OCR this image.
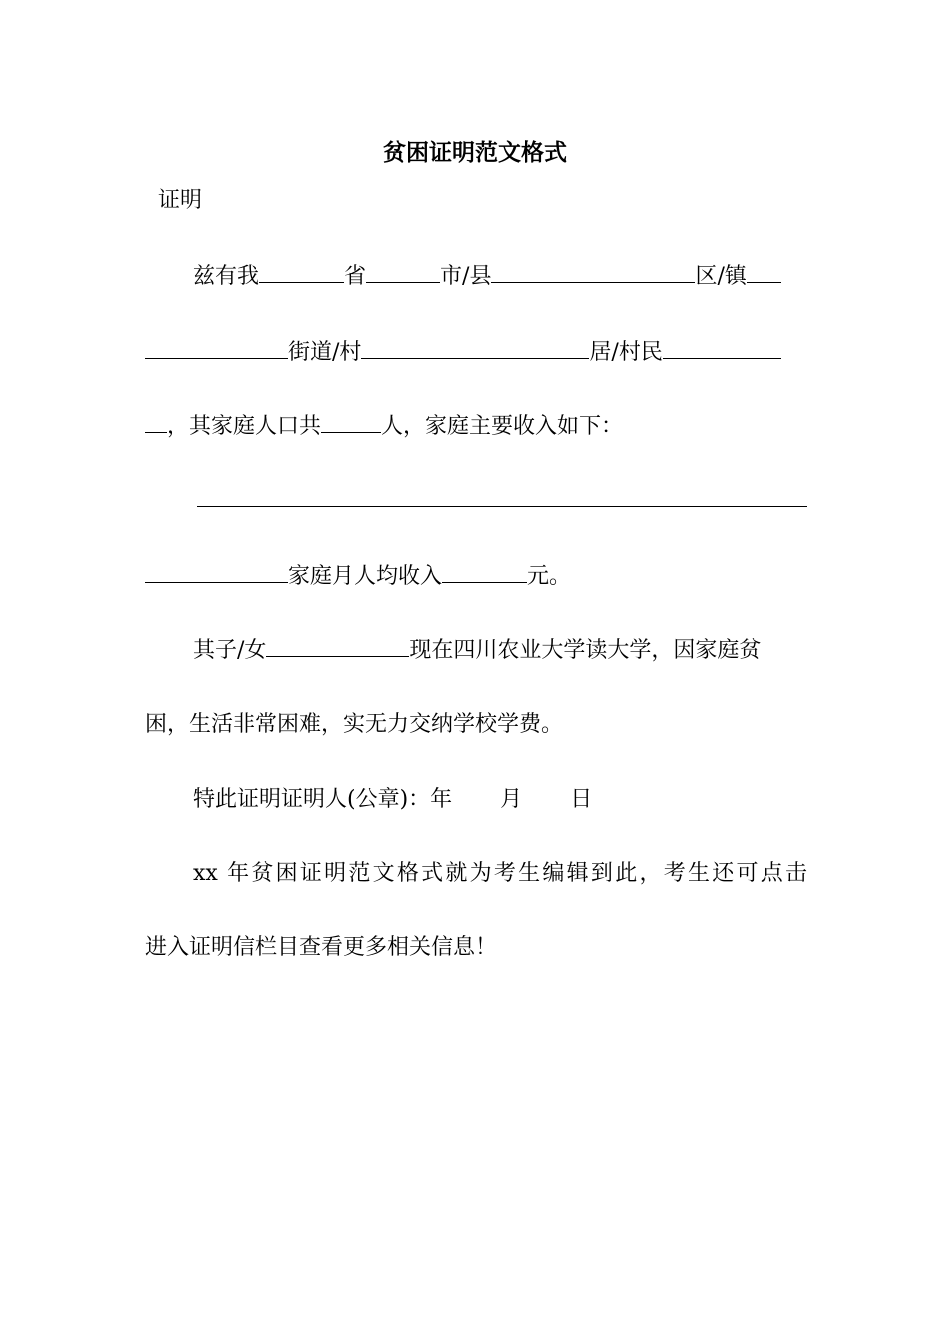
贫困证明范文格式
证明
兹有我	省	市/县	区/镇
街道/村	居/村民
，其家庭人口共	人，家庭主要收入如下：
家庭月人均收入	元。
其子/女	现在四川农业大学读大学，因家庭贫
困，生活非常困难，实无力交纳学校学费。
特此证明证明人(公章)：年 月 日
xx 年贫困证明范文格式就为考生编辑到此，考生还可点击
进入证明信栏目查看更多相关信息！
